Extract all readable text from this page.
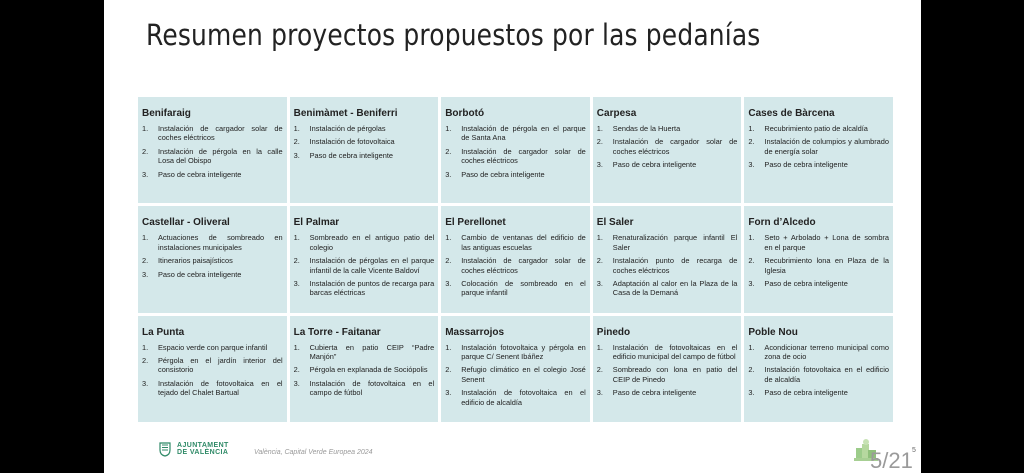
Resumen proyectos propuestos por las pedanías
Benifaraig
1. Instalación de cargador solar de coches eléctricos
2. Instalación de pérgola en la calle Losa del Obispo
3. Paso de cebra inteligente
Benimàmet - Beniferri
1. Instalación de pérgolas
2. Instalación de fotovoltaica
3. Paso de cebra inteligente
Borbotó
1. Instalación de pérgola en el parque de Santa Ana
2. Instalación de cargador solar de coches eléctricos
3. Paso de cebra inteligente
Carpesa
1. Sendas de la Huerta
2. Instalación de cargador solar de coches eléctricos
3. Paso de cebra inteligente
Cases de Bàrcena
1. Recubrimiento patio de alcaldía
2. Instalación de columpios y alumbrado de energía solar
3. Paso de cebra inteligente
Castellar - Oliveral
1. Actuaciones de sombreado en instalaciones municipales
2. Itinerarios paisajísticos
3. Paso de cebra inteligente
El Palmar
1. Sombreado en el antiguo patio del colegio
2. Instalación de pérgolas en el parque infantil de la calle Vicente Baldoví
3. Instalación de puntos de recarga para barcas eléctricas
El Perellonet
1. Cambio de ventanas del edificio de las antiguas escuelas
2. Instalación de cargador solar de coches eléctricos
3. Colocación de sombreado en el parque infantil
El Saler
1. Renaturalización parque infantil El Saler
2. Instalación punto de recarga de coches eléctricos
3. Adaptación al calor en la Plaza de la Casa de la Demaná
Forn d’Alcedo
1. Seto + Arbolado + Lona de sombra en el parque
2. Recubrimiento lona en Plaza de la Iglesia
3. Paso de cebra inteligente
La Punta
1. Espacio verde con parque infantil
2. Pérgola en el jardín interior del consistorio
3. Instalación de fotovoltaica en el tejado del Chalet Bartual
La Torre - Faitanar
1. Cubierta en patio CEIP “Padre Manjón”
2. Pérgola en explanada de Sociópolis
3. Instalación de fotovoltaica en el campo de fútbol
Massarrojos
1. Instalación fotovoltaica y pérgola en parque C/ Senent Ibáñez
2. Refugio climático en el colegio José Senent
3. Instalación de fotovoltaica en el edificio de alcaldía
Pinedo
1. Instalación de fotovoltaicas en el edificio municipal del campo de fútbol
2. Sombreado con lona en patio del CEIP de Pinedo
3. Paso de cebra inteligente
Poble Nou
1. Acondicionar terreno municipal como zona de ocio
2. Instalación fotovoltaica en el edificio de alcaldía
3. Paso de cebra inteligente
AJUNTAMENT
DE VALÈNCIA	València, Capital Verde Europea 2024	5/21 5
